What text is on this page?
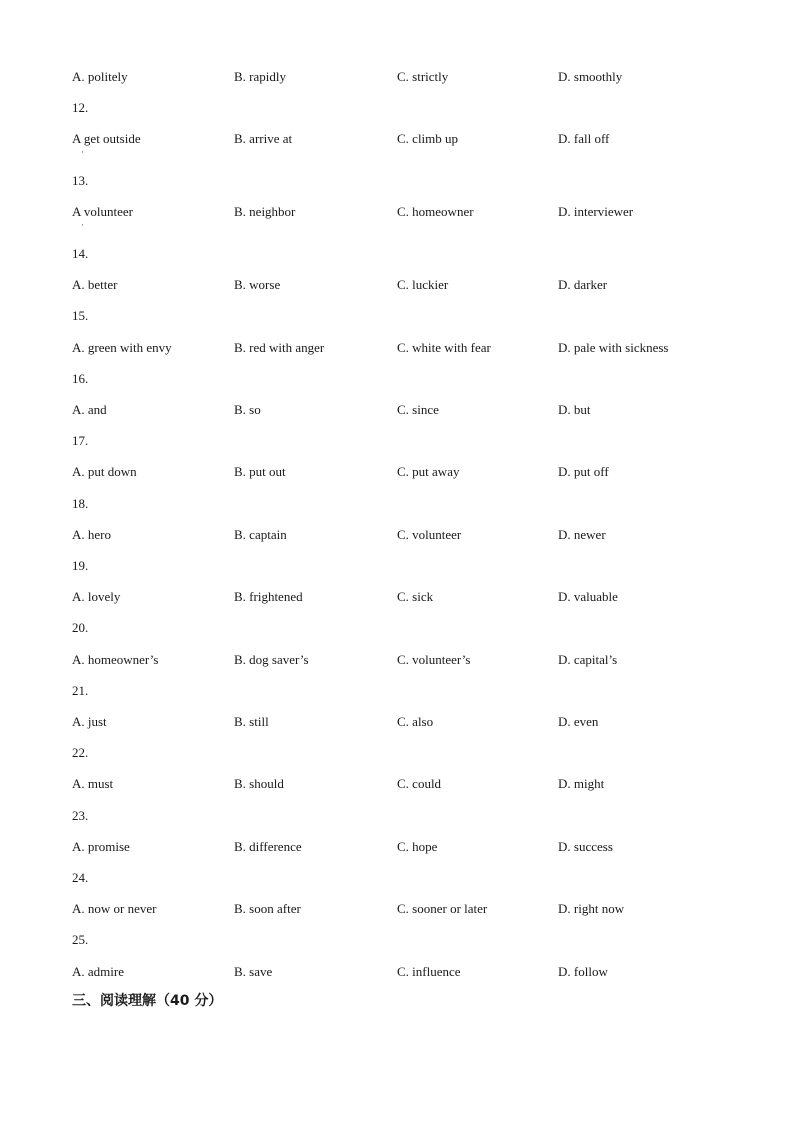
A. politely	B. rapidly	C. strictly	D. smoothly
12.
A get outside	B. arrive at	C. climb up	D. fall off
·
13.
A volunteer	B. neighbor	C. homeowner	D. interviewer
·
14.
A. better	B. worse	C. luckier	D. darker
15.
A. green with envy	B. red with anger	C. white with fear	D. pale with sickness
16.
A. and	B. so	C. since	D. but
17.
A. put down	B. put out	C. put away	D. put off
18.
A. hero	B. captain	C. volunteer	D. newer
19.
A. lovely	B. frightened	C. sick	D. valuable
20.
A. homeowner’s	B. dog saver’s	C. volunteer’s	D. capital’s
21.
A. just	B. still	C. also	D. even
22.
A. must	B. should	C. could	D. might
23.
A. promise	B. difference	C. hope	D. success
24.
A. now or never	B. soon after	C. sooner or later	D. right now
25.
A. admire	B. save	C. influence	D. follow
三、阅读理解（40 分）
